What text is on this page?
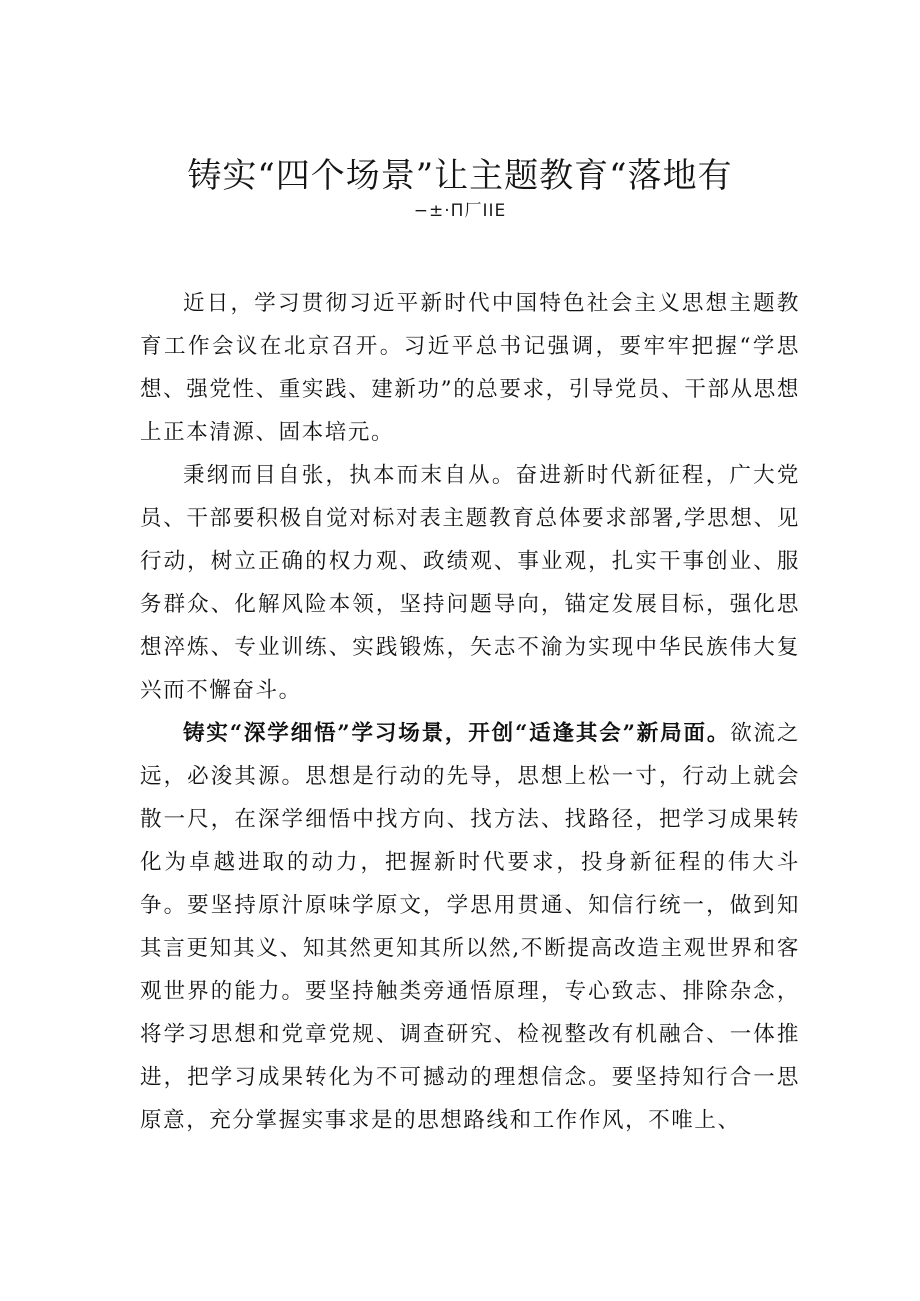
铸实“四个场景”让主题教育“落地有
−±·Π厂IIE

近日，学习贯彻习近平新时代中国特色社会主义思想主题教育工作会议在北京召开。习近平总书记强调，要牢牢把握“学思想、强党性、重实践、建新功”的总要求，引导党员、干部从思想上正本清源、固本培元。

秉纲而目自张，执本而末自从。奋进新时代新征程，广大党员、干部要积极自觉对标对表主题教育总体要求部署,学思想、见行动，树立正确的权力观、政绩观、事业观，扎实干事创业、服务群众、化解风险本领，坚持问题导向，锚定发展目标，强化思想淬炼、专业训练、实践锻炼，矢志不渝为实现中华民族伟大复兴而不懈奋斗。

铸实“深学细悟”学习场景，开创“适逢其会”新局面。欲流之远，必浚其源。思想是行动的先导，思想上松一寸，行动上就会散一尺，在深学细悟中找方向、找方法、找路径，把学习成果转化为卓越进取的动力，把握新时代要求，投身新征程的伟大斗争。要坚持原汁原味学原文，学思用贯通、知信行统一，做到知其言更知其义、知其然更知其所以然,不断提高改造主观世界和客观世界的能力。要坚持触类旁通悟原理，专心致志、排除杂念，将学习思想和党章党规、调查研究、检视整改有机融合、一体推进，把学习成果转化为不可撼动的理想信念。要坚持知行合一思原意，充分掌握实事求是的思想路线和工作作风，不唯上、
